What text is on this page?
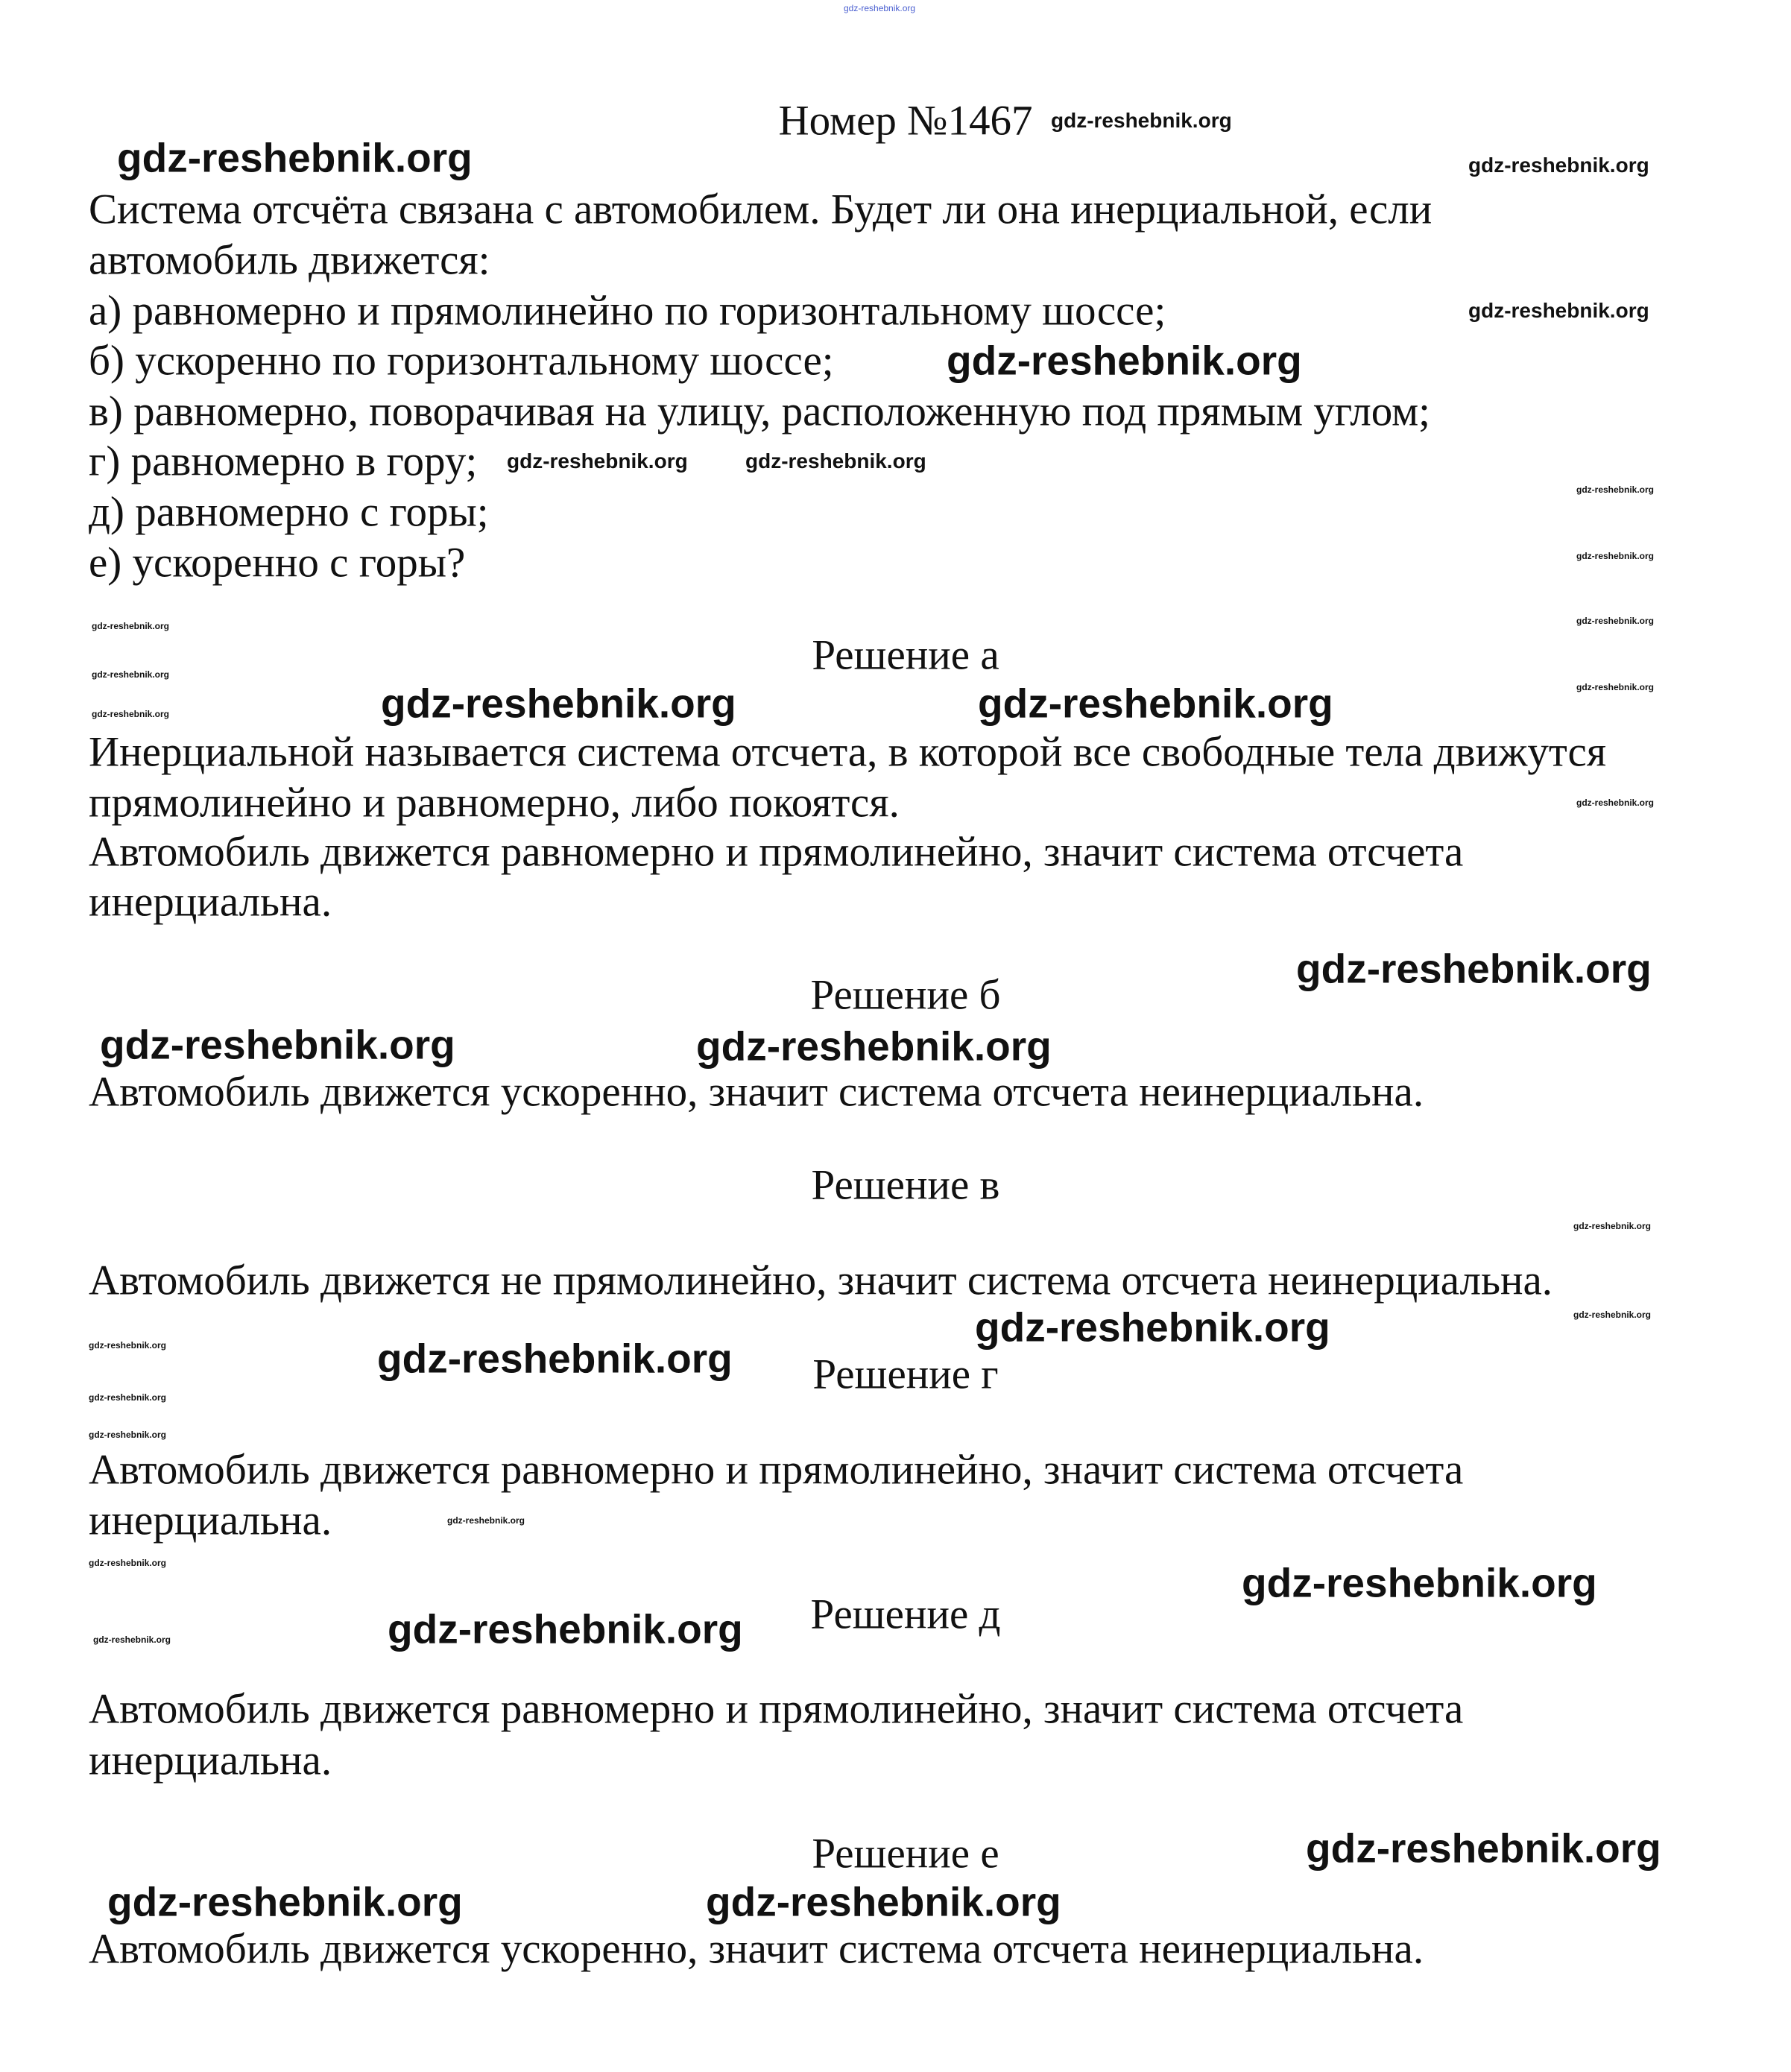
Номер №1467
Система отсчёта связана с автомобилем. Будет ли она инерциальной, если
автомобиль движется:
а) равномерно и прямолинейно по горизонтальному шоссе;
б) ускоренно по горизонтальному шоссе;
в) равномерно, поворачивая на улицу, расположенную под прямым углом;
г) равномерно в гору;
д) равномерно с горы;
е) ускоренно с горы?
Решение а
Инерциальной называется система отсчета, в которой все свободные тела движутся
прямолинейно и равномерно, либо покоятся.
Автомобиль движется равномерно и прямолинейно, значит система отсчета
инерциальна.
Решение б
Автомобиль движется ускоренно, значит система отсчета неинерциальна.
Решение в
Автомобиль движется не прямолинейно, значит система отсчета неинерциальна.
Решение г
Автомобиль движется равномерно и прямолинейно, значит система отсчета
инерциальна.
Решение д
Автомобиль движется равномерно и прямолинейно, значит система отсчета
инерциальна.
Решение е
Автомобиль движется ускоренно, значит система отсчета неинерциальна.
gdz-reshebnik.org
gdz-reshebnik.org
gdz-reshebnik.org
gdz-reshebnik.org	gdz-reshebnik.org
gdz-reshebnik.org
gdz-reshebnik.org	gdz-reshebnik.org
gdz-reshebnik.org
gdz-reshebnik.org
gdz-reshebnik.org
gdz-reshebnik.org
gdz-reshebnik.org
gdz-reshebnik.org	gdz-reshebnik.org
gdz-reshebnik.org
gdz-reshebnik.org
gdz-reshebnik.org
gdz-reshebnik.org
gdz-reshebnik.org
gdz-reshebnik.org
gdz-reshebnik.org
gdz-reshebnik.org
gdz-reshebnik.org
gdz-reshebnik.org
gdz-reshebnik.org
gdz-reshebnik.org
gdz-reshebnik.org
gdz-reshebnik.org
gdz-reshebnik.org
gdz-reshebnik.org
gdz-reshebnik.org
gdz-reshebnik.org
gdz-reshebnik.org
gdz-reshebnik.org
gdz-reshebnik.org
